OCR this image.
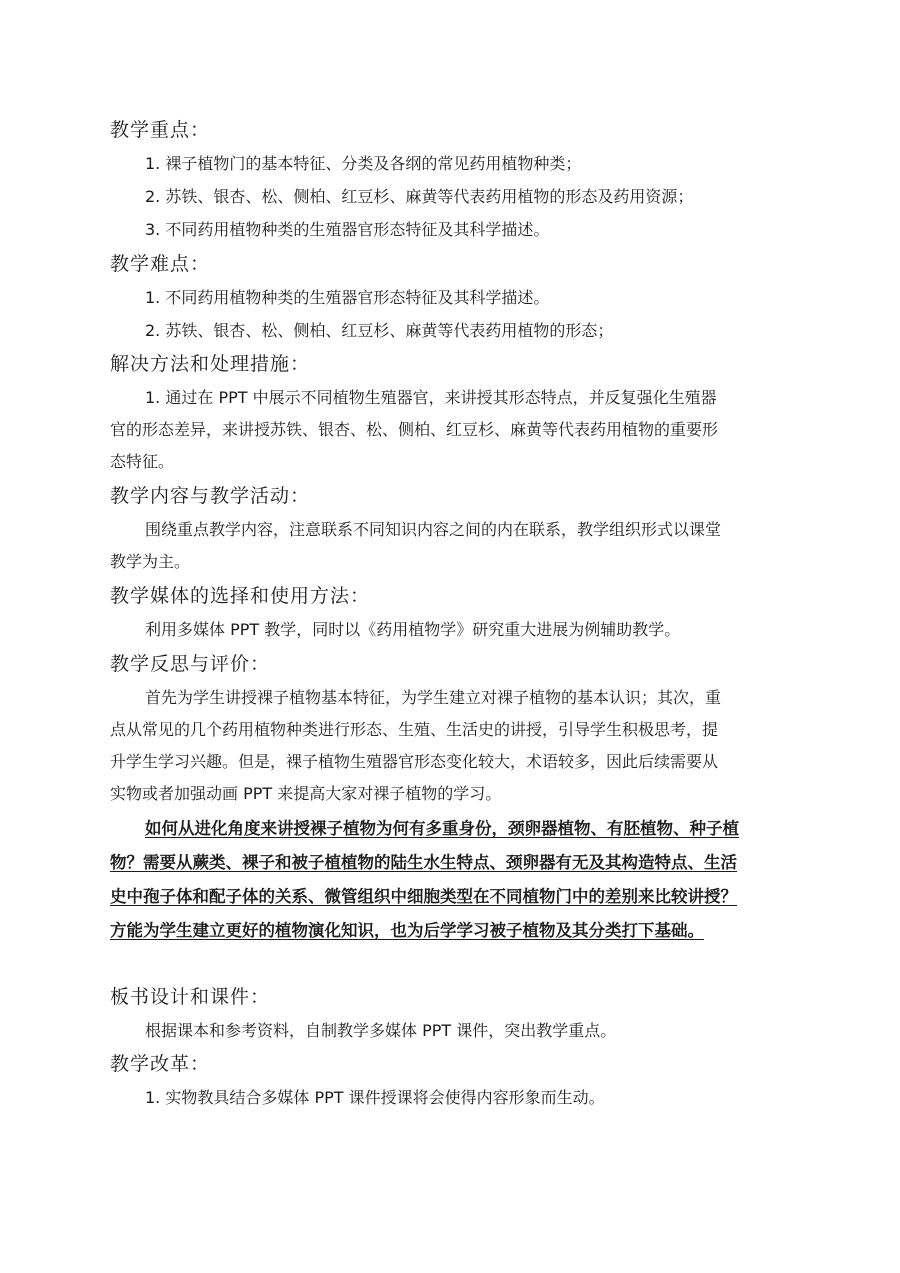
教学重点：
1. 裸子植物门的基本特征、分类及各纲的常见药用植物种类；
2. 苏铁、银杏、松、侧柏、红豆杉、麻黄等代表药用植物的形态及药用资源；
3. 不同药用植物种类的生殖器官形态特征及其科学描述。
教学难点：
1. 不同药用植物种类的生殖器官形态特征及其科学描述。
2. 苏铁、银杏、松、侧柏、红豆杉、麻黄等代表药用植物的形态；
解决方法和处理措施：
1. 通过在 PPT 中展示不同植物生殖器官，来讲授其形态特点，并反复强化生殖器
官的形态差异，来讲授苏铁、银杏、松、侧柏、红豆杉、麻黄等代表药用植物的重要形
态特征。
教学内容与教学活动：
围绕重点教学内容，注意联系不同知识内容之间的内在联系，教学组织形式以课堂
教学为主。
教学媒体的选择和使用方法：
利用多媒体 PPT 教学，同时以《药用植物学》研究重大进展为例辅助教学。
教学反思与评价：
首先为学生讲授裸子植物基本特征，为学生建立对裸子植物的基本认识；其次，重
点从常见的几个药用植物种类进行形态、生殖、生活史的讲授，引导学生积极思考，提
升学生学习兴趣。但是，裸子植物生殖器官形态变化较大，术语较多，因此后续需要从
实物或者加强动画 PPT 来提高大家对裸子植物的学习。
如何从进化角度来讲授裸子植物为何有多重身份，颈卵器植物、有胚植物、种子植
物？需要从蕨类、裸子和被子植植物的陆生水生特点、颈卵器有无及其构造特点、生活
史中孢子体和配子体的关系、微管组织中细胞类型在不同植物门中的差别来比较讲授？
方能为学生建立更好的植物演化知识，也为后学学习被子植物及其分类打下基础。
板书设计和课件：
根据课本和参考资料，自制教学多媒体 PPT 课件，突出教学重点。
教学改革：
1. 实物教具结合多媒体 PPT 课件授课将会使得内容形象而生动。
